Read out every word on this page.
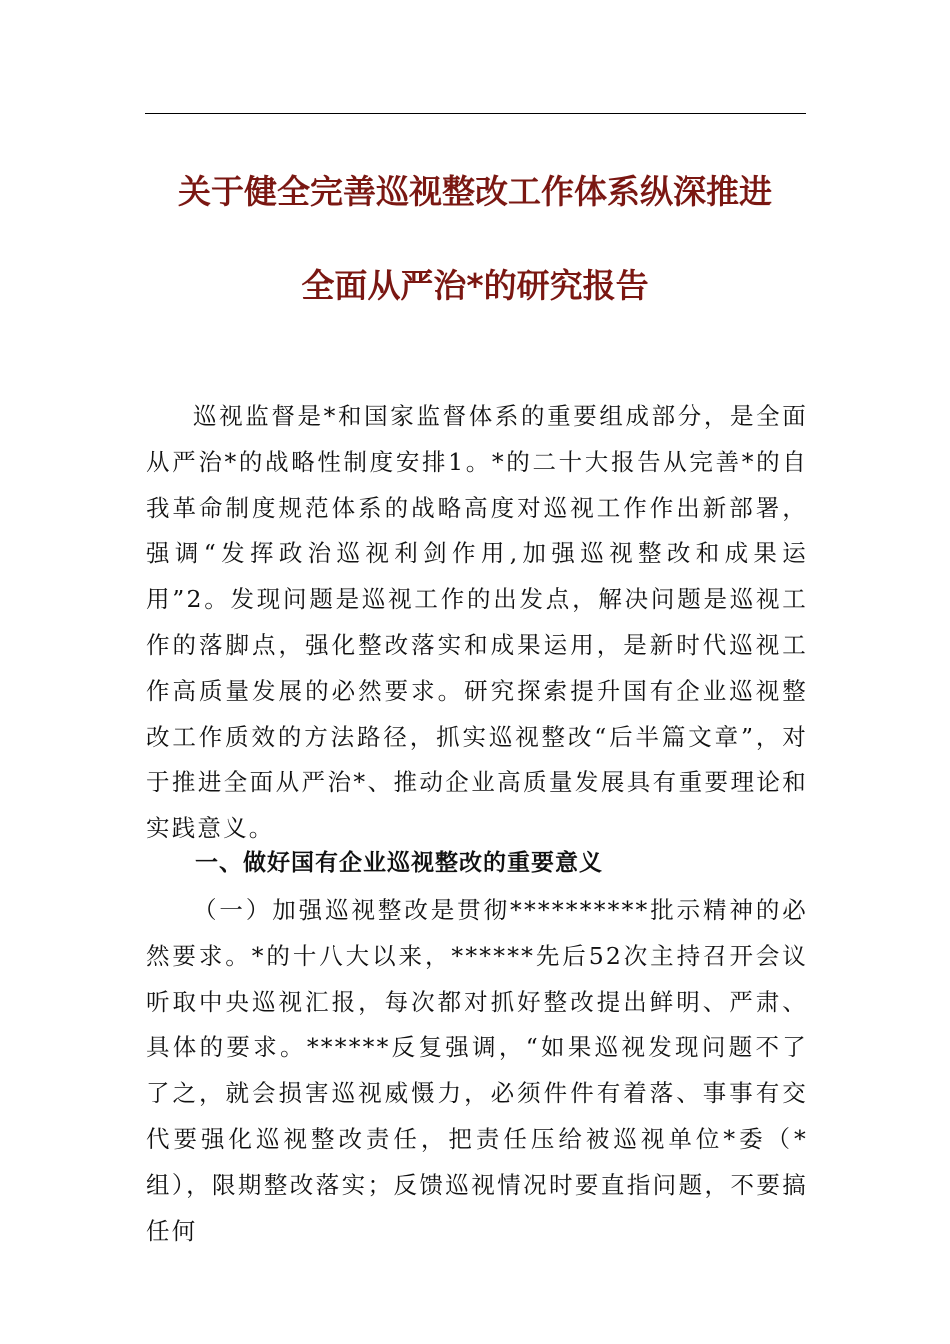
关于健全完善巡视整改工作体系纵深推进
全面从严治*的研究报告

巡视监督是*和国家监督体系的重要组成部分，是全面从严治*的战略性制度安排1。*的二十大报告从完善*的自我革命制度规范体系的战略高度对巡视工作作出新部署，强调“发挥政治巡视利剑作用,加强巡视整改和成果运用”2。发现问题是巡视工作的出发点，解决问题是巡视工作的落脚点，强化整改落实和成果运用，是新时代巡视工作高质量发展的必然要求。研究探索提升国有企业巡视整改工作质效的方法路径，抓实巡视整改“后半篇文章”，对于推进全面从严治*、推动企业高质量发展具有重要理论和实践意义。

一、做好国有企业巡视整改的重要意义

（一）加强巡视整改是贯彻**********批示精神的必然要求。*的十八大以来，******先后52次主持召开会议听取中央巡视汇报，每次都对抓好整改提出鲜明、严肃、具体的要求。******反复强调，“如果巡视发现问题不了了之，就会损害巡视威慑力，必须件件有着落、事事有交代要强化巡视整改责任，把责任压给被巡视单位*委（*组），限期整改落实；反馈巡视情况时要直指问题，不要搞任何
